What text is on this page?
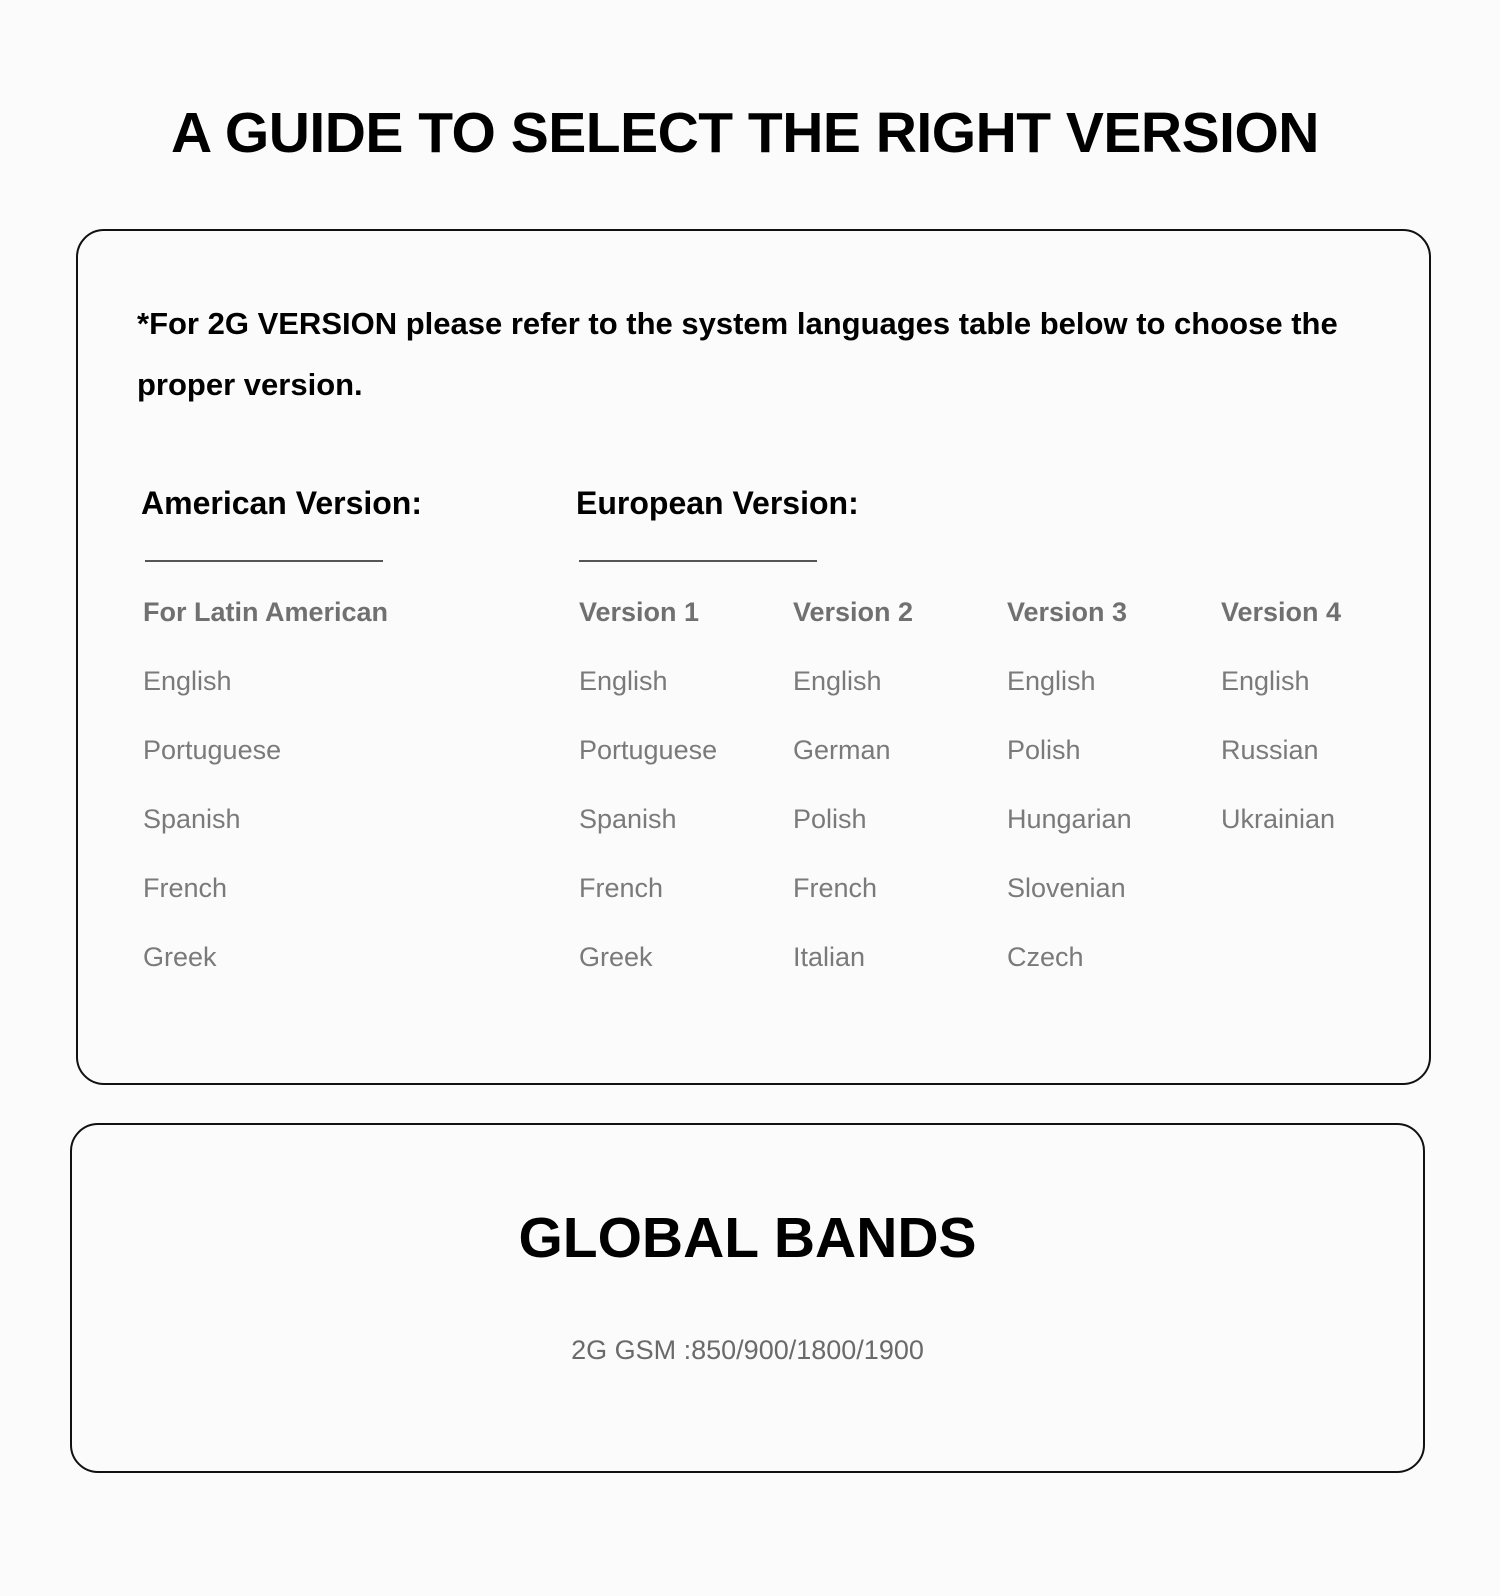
A GUIDE TO SELECT THE RIGHT VERSION

*For 2G VERSION please refer to the system languages table below to choose the proper version.

American Version:	European Version:
For Latin American
English
Portuguese
Spanish
French
Greek
Version 1
English
Portuguese
Spanish
French
Greek
Version 2
English
German
Polish
French
Italian
Version 3
English
Polish
Hungarian
Slovenian
Czech
Version 4
English
Russian
Ukrainian
GLOBAL BANDS

2G GSM :850/900/1800/1900
